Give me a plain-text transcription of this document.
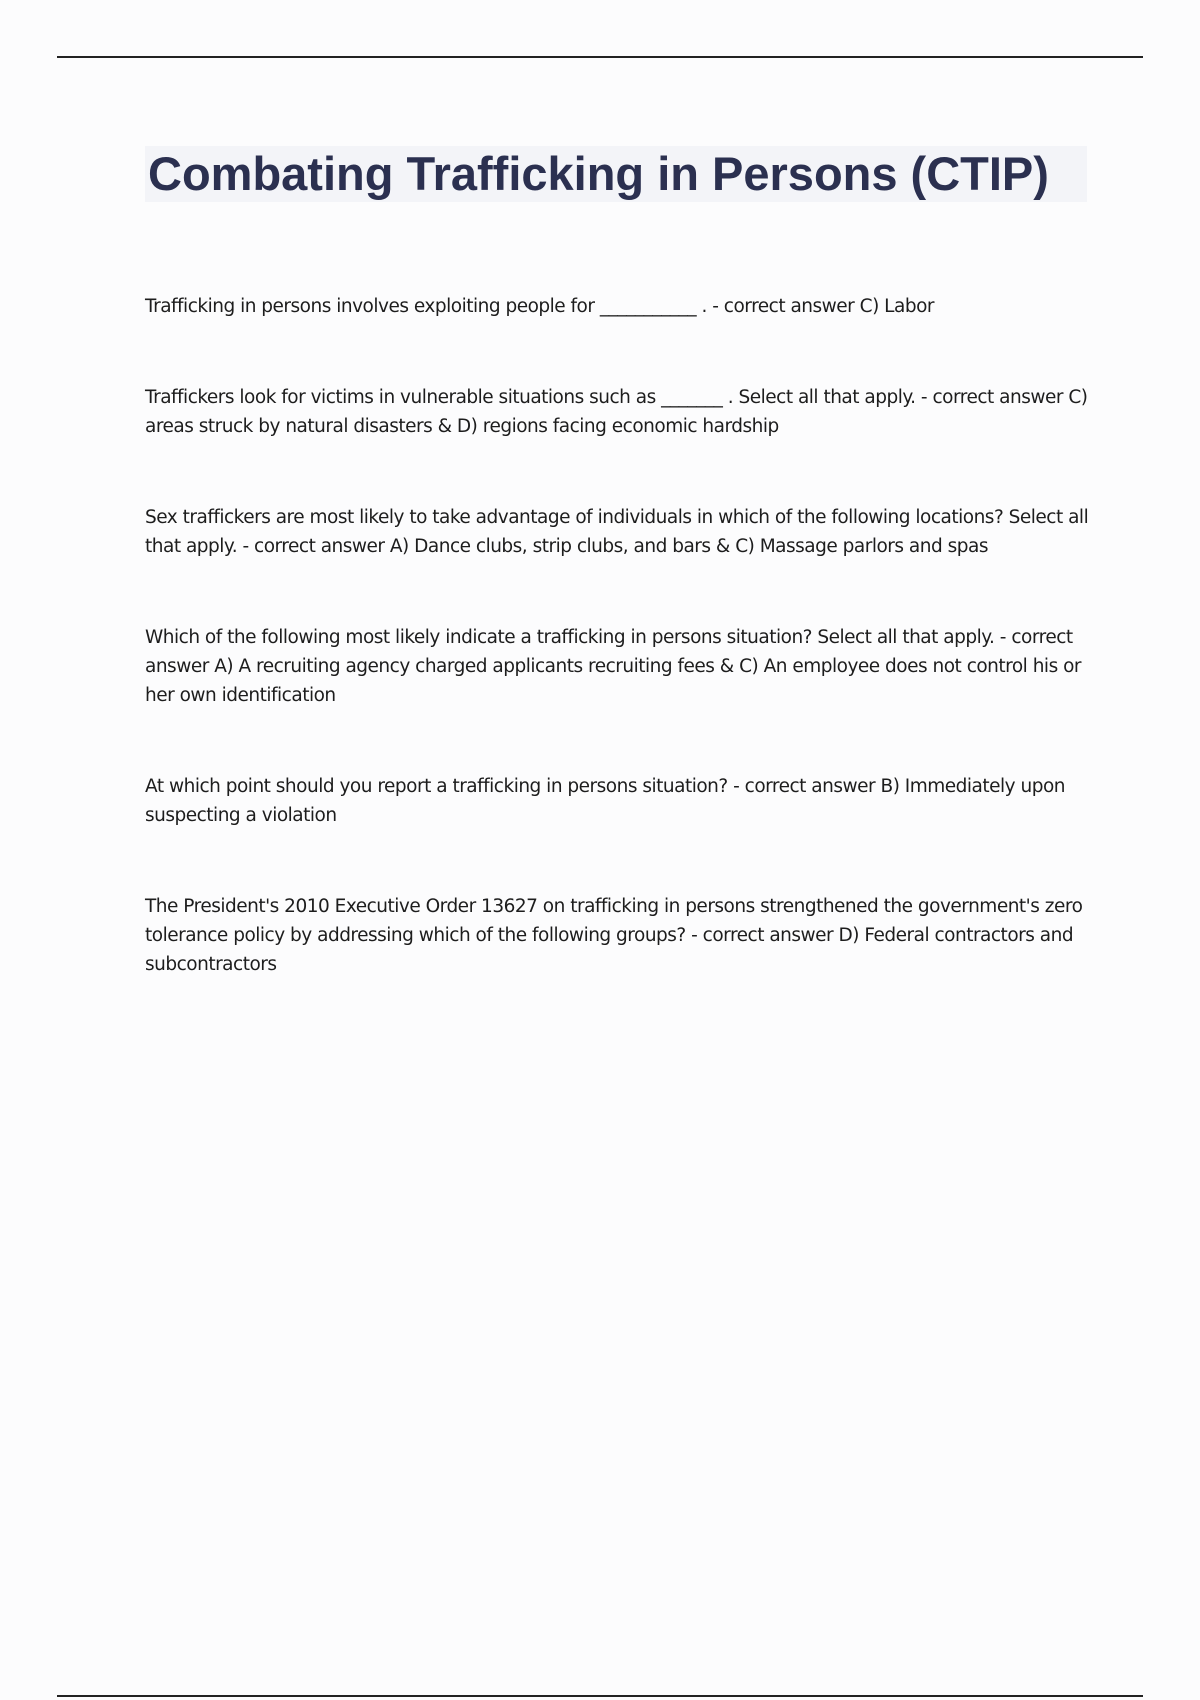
Combating Trafficking in Persons (CTIP)
Trafficking in persons involves exploiting people for ___________ . - correct answer C) Labor
Traffickers look for victims in vulnerable situations such as _______ . Select all that apply. - correct answer C) areas struck by natural disasters & D) regions facing economic hardship
Sex traffickers are most likely to take advantage of individuals in which of the following locations? Select all that apply. - correct answer A) Dance clubs, strip clubs, and bars & C) Massage parlors and spas
Which of the following most likely indicate a trafficking in persons situation? Select all that apply. - correct answer A) A recruiting agency charged applicants recruiting fees & C) An employee does not control his or her own identification
At which point should you report a trafficking in persons situation? - correct answer B) Immediately upon suspecting a violation
The President's 2010 Executive Order 13627 on trafficking in persons strengthened the government's zero tolerance policy by addressing which of the following groups? - correct answer D) Federal contractors and subcontractors
